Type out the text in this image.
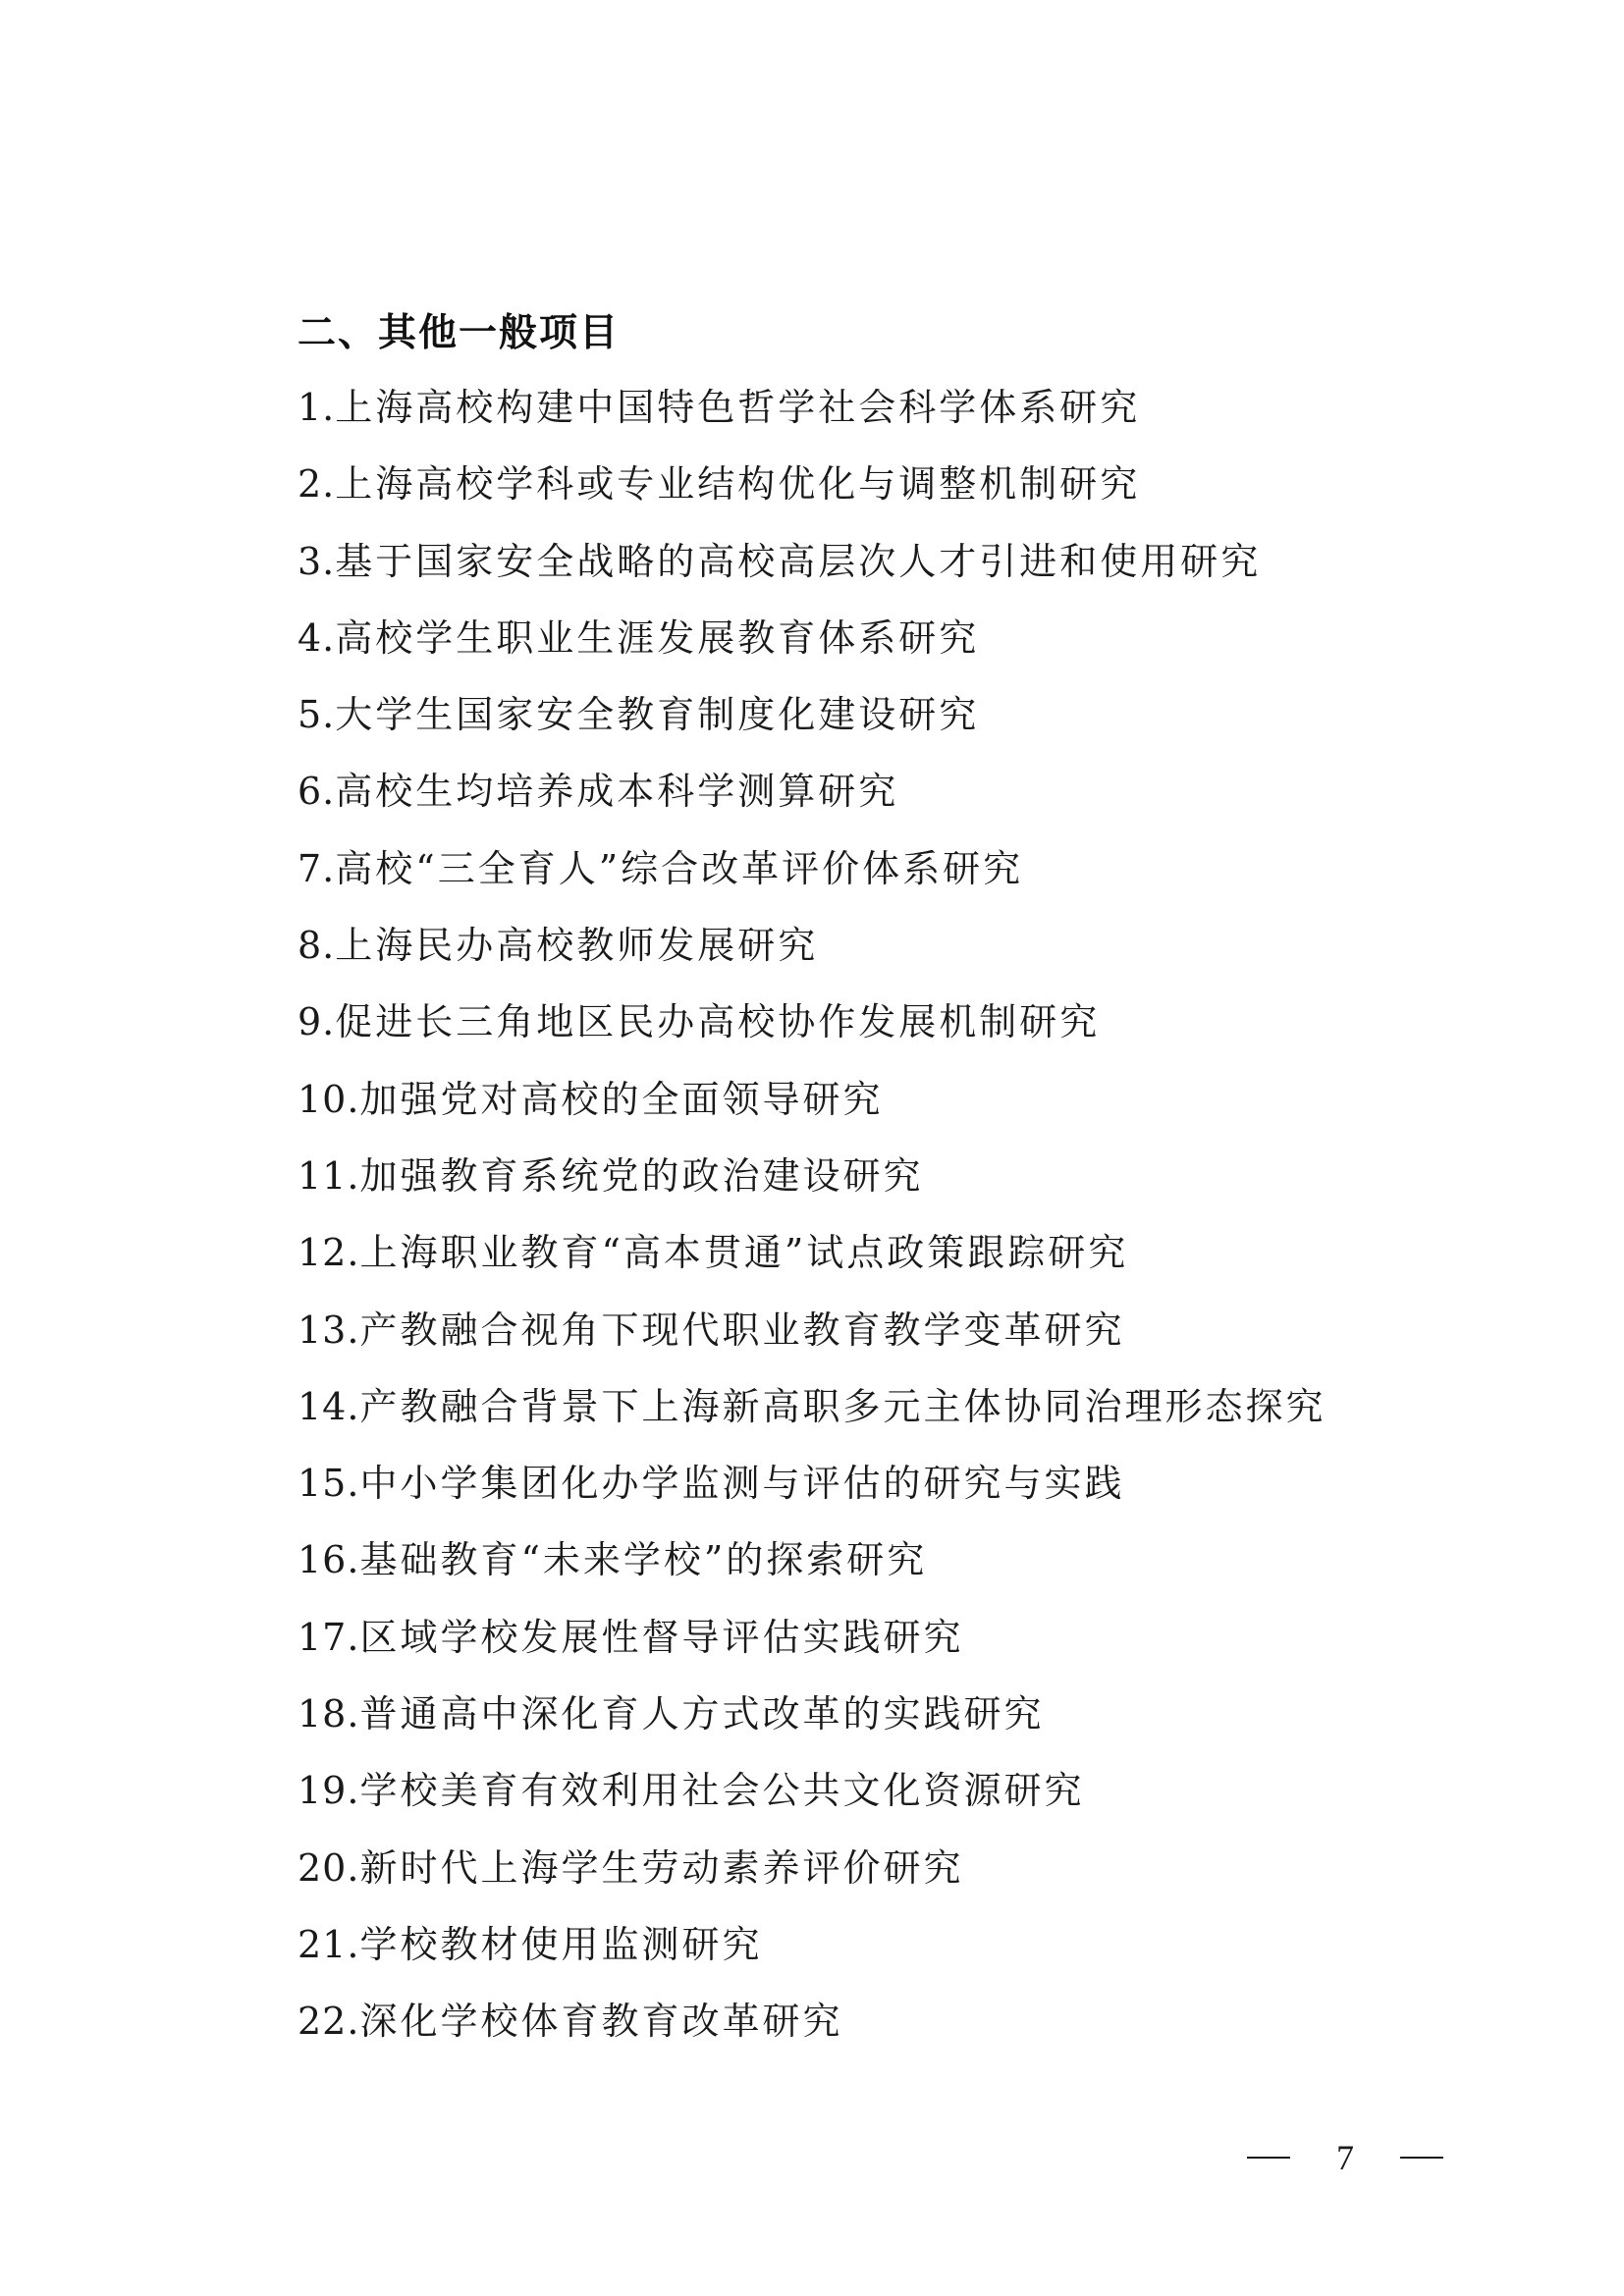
二、其他一般项目
1.上海高校构建中国特色哲学社会科学体系研究
2.上海高校学科或专业结构优化与调整机制研究
3.基于国家安全战略的高校高层次人才引进和使用研究
4.高校学生职业生涯发展教育体系研究
5.大学生国家安全教育制度化建设研究
6.高校生均培养成本科学测算研究
7.高校“三全育人”综合改革评价体系研究
8.上海民办高校教师发展研究
9.促进长三角地区民办高校协作发展机制研究
10.加强党对高校的全面领导研究
11.加强教育系统党的政治建设研究
12.上海职业教育“高本贯通”试点政策跟踪研究
13.产教融合视角下现代职业教育教学变革研究
14.产教融合背景下上海新高职多元主体协同治理形态探究
15.中小学集团化办学监测与评估的研究与实践
16.基础教育“未来学校”的探索研究
17.区域学校发展性督导评估实践研究
18.普通高中深化育人方式改革的实践研究
19.学校美育有效利用社会公共文化资源研究
20.新时代上海学生劳动素养评价研究
21.学校教材使用监测研究
22.深化学校体育教育改革研究
7
